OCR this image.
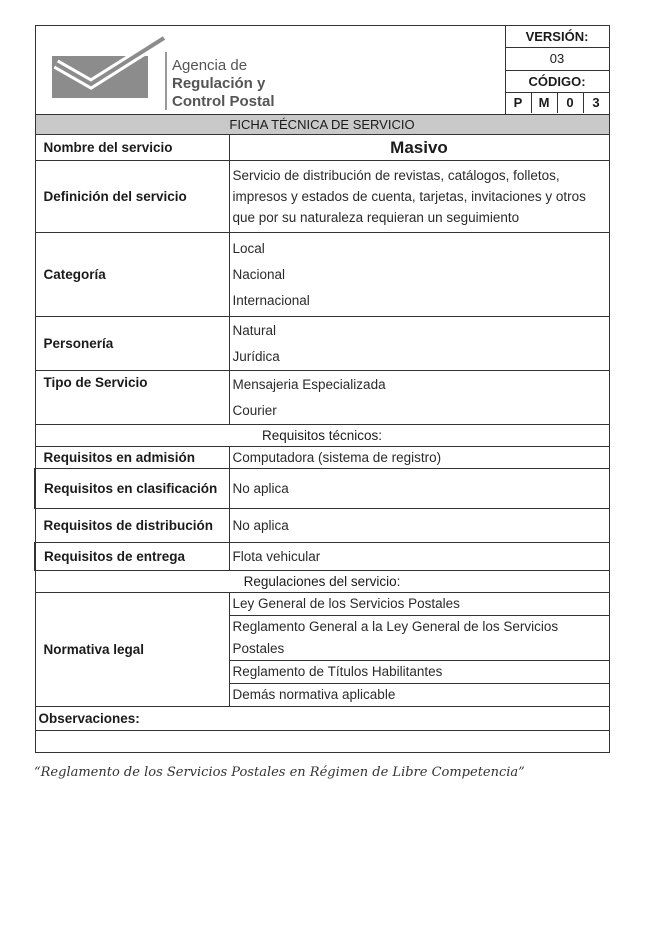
Agencia de
Regulación y
Control Postal		VERSIÓN:
		03
		CÓDIGO:

		P M 0 3

FICHA TÉCNICA DE SERVICIO		
Nombre del servicio	Masivo	
Definición del servicio	Servicio de distribución de revistas, catálogos, folletos, impresos y estados de cuenta, tarjetas, invitaciones y otros que por su naturaleza requieran un seguimiento	
Categoría	Local
Nacional
Internacional	

Personería	Natural
Jurídica	

Tipo de Servicio	Mensajeria Especializada
Courier	

Requisitos técnicos:		
Requisitos en admisión	Computadora (sistema de registro)	
Requisitos en clasificación	No aplica	
Requisitos de distribución	No aplica	
Requisitos de entrega	Flota vehicular	
Regulaciones del servicio:		
Normativa legal	Ley General de los Servicios Postales
Reglamento General a la Ley General de los Servicios Postales
Reglamento de Títulos Habilitantes
Demás normativa aplicable	

Observaciones:		

“Reglamento de los Servicios Postales en Régimen de Libre Competencia”
